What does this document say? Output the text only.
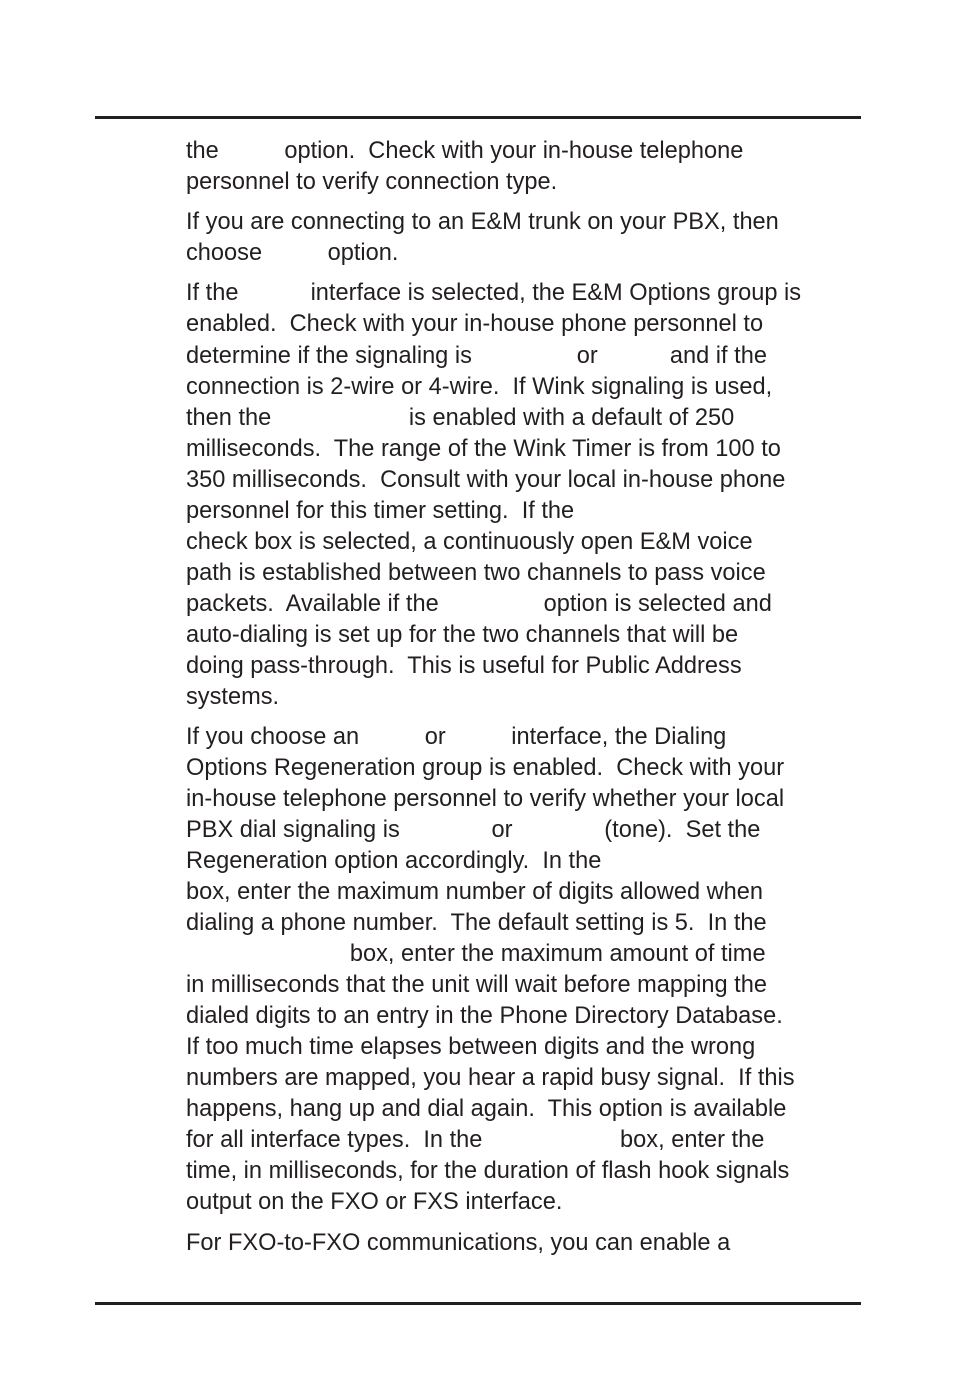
the          option.  Check with your in-house telephone
personnel to verify connection type.
If you are connecting to an E&M trunk on your PBX, then
choose          option.
If the           interface is selected, the E&M Options group is
enabled.  Check with your in-house phone personnel to
determine if the signaling is                or           and if the
connection is 2-wire or 4-wire.  If Wink signaling is used,
then the                     is enabled with a default of 250
milliseconds.  The range of the Wink Timer is from 100 to
350 milliseconds.  Consult with your local in-house phone
personnel for this timer setting.  If the
check box is selected, a continuously open E&M voice
path is established between two channels to pass voice
packets.  Available if the                option is selected and
auto-dialing is set up for the two channels that will be
doing pass-through.  This is useful for Public Address
systems.
If you choose an          or          interface, the Dialing
Options Regeneration group is enabled.  Check with your
in-house telephone personnel to verify whether your local
PBX dial signaling is              or              (tone).  Set the
Regeneration option accordingly.  In the
box, enter the maximum number of digits allowed when
dialing a phone number.  The default setting is 5.  In the
box, enter the maximum amount of time
in milliseconds that the unit will wait before mapping the
dialed digits to an entry in the Phone Directory Database.
If too much time elapses between digits and the wrong
numbers are mapped, you hear a rapid busy signal.  If this
happens, hang up and dial again.  This option is available
for all interface types.  In the                     box, enter the
time, in milliseconds, for the duration of flash hook signals
output on the FXO or FXS interface.
For FXO-to-FXO communications, you can enable a
